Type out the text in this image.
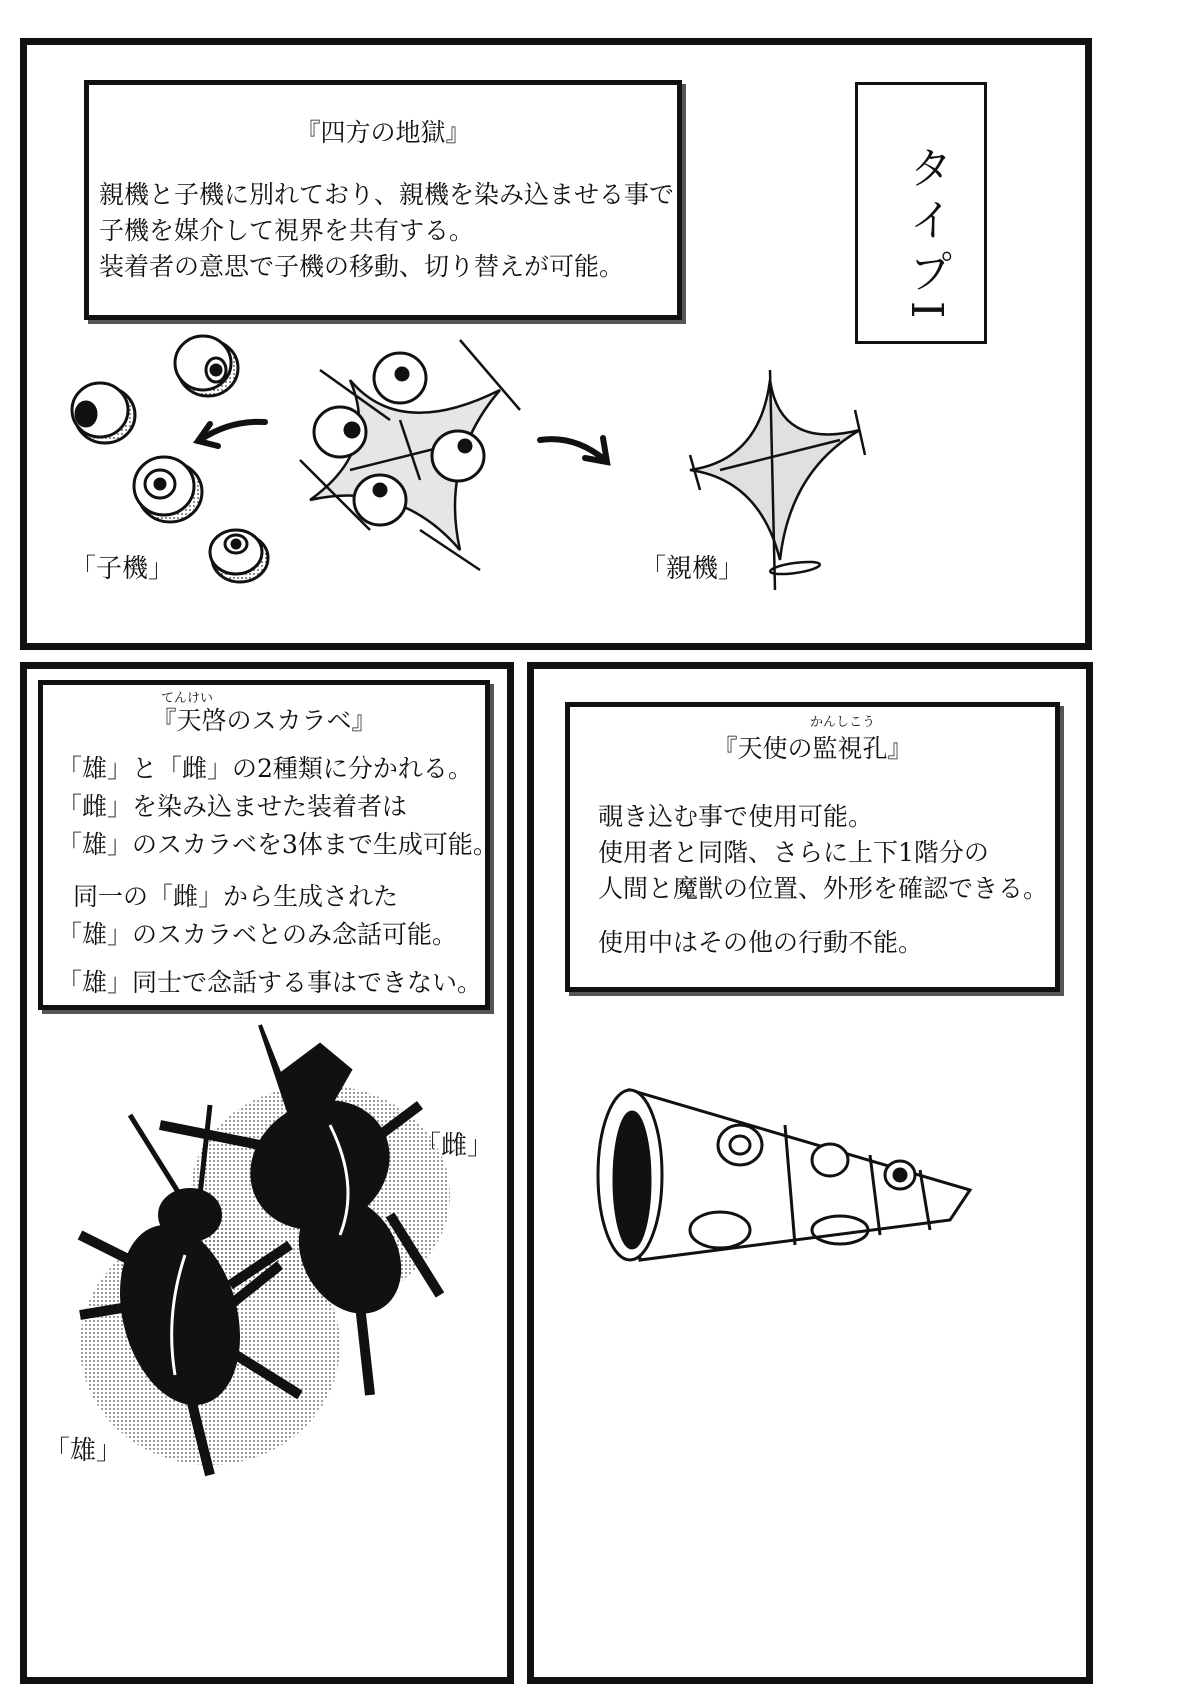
『四方の地獄』
親機と子機に別れており、親機を染み込ませる事で
子機を媒介して視界を共有する。
装着者の意思で子機の移動、切り替えが可能。	タイプI
「子機」	「親機」
てんけい
『天啓のスカラベ』
「雄」と「雌」の2種類に分かれる。
「雌」を染み込ませた装着者は
「雄」のスカラベを3体まで生成可能。
同一の「雌」から生成された
「雄」のスカラベとのみ念話可能。
「雄」同士で念話する事はできない。
「雌」
「雄」
かんしこう
『天使の監視孔』
覗き込む事で使用可能。
使用者と同階、さらに上下1階分の
人間と魔獣の位置、外形を確認できる。
使用中はその他の行動不能。
